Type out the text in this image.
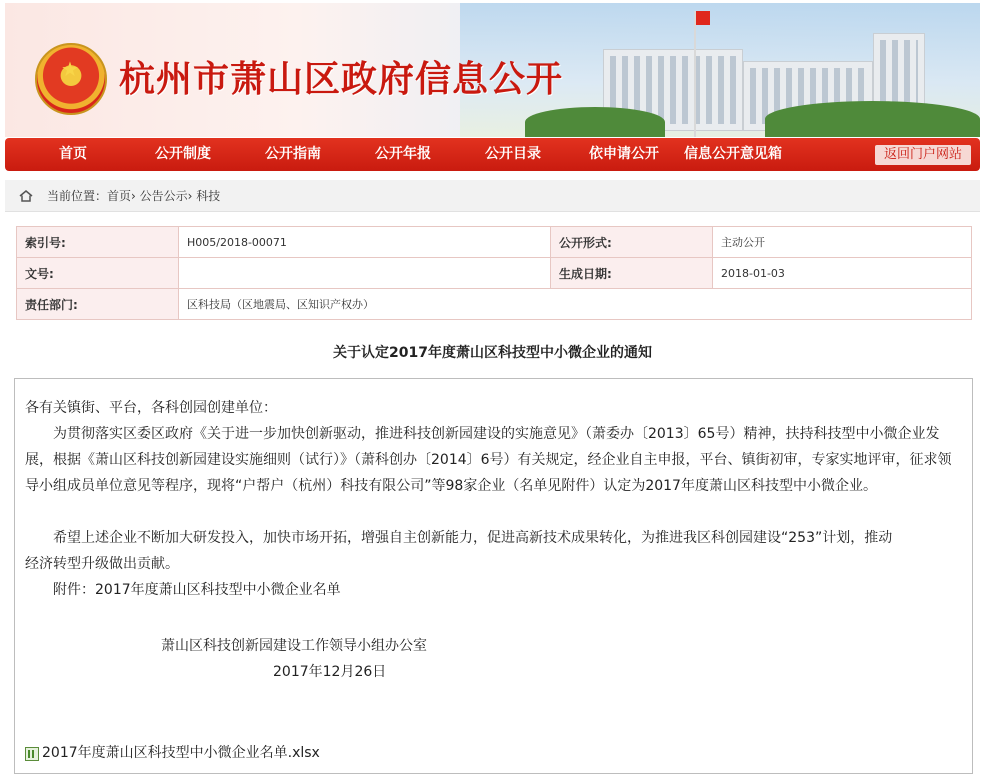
★ 杭州市萧山区政府信息公开
首页	公开制度	公开指南	公开年报	公开目录	依申请公开 信息公开意见箱	返回门户网站
当前位置：首页› 公告公示› 科技
索引号:	H005/2018-00071	公开形式:	主动公开
文号:		生成日期:	2018-01-03
责任部门:	区科技局（区地震局、区知识产权办）		
关于认定2017年度萧山区科技型中小微企业的通知

各有关镇街、平台，各科创园创建单位：

为贯彻落实区委区政府《关于进一步加快创新驱动，推进科技创新园建设的实施意见》（萧委办〔2013〕65号）精神，扶持科技型中小微企业发展，根据《萧山区科技创新园建设实施细则（试行）》（萧科创办〔2014〕6号）有关规定，经企业自主申报，平台、镇街初审，专家实地评审，征求领导小组成员单位意见等程序，现将“户帮户（杭州）科技有限公司”等98家企业（名单见附件）认定为2017年度萧山区科技型中小微企业。

希望上述企业不断加大研发投入，加快市场开拓，增强自主创新能力，促进高新技术成果转化，为推进我区科创园建设“253”计划，推动经济转型升级做出贡献。

附件：2017年度萧山区科技型中小微企业名单

萧山区科技创新园建设工作领导小组办公室

2017年12月26日

2017年度萧山区科技型中小微企业名单.xlsx
